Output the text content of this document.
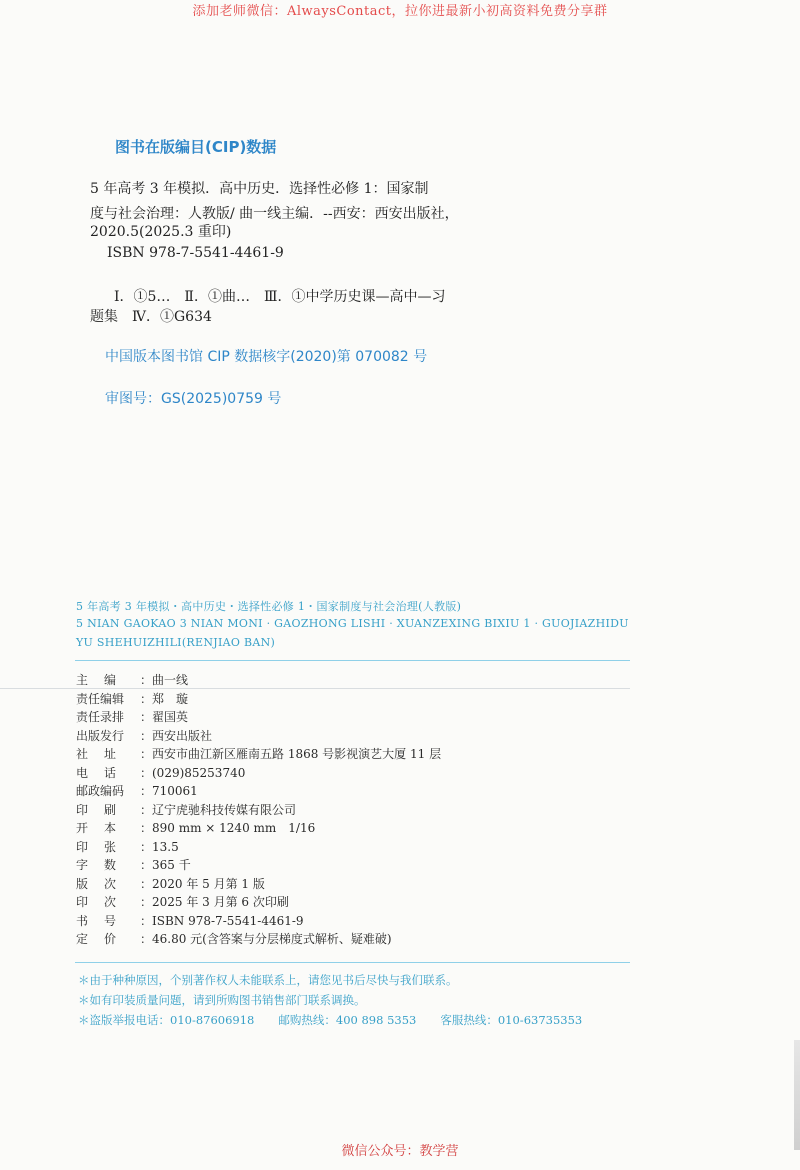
添加老师微信：AlwaysContact，拉你进最新小初高资料免费分享群
图书在版编目(CIP)数据
5 年高考 3 年模拟．高中历史．选择性必修 1：国家制
度与社会治理：人教版/ 曲一线主编．--西安：西安出版社，
2020.5(2025.3 重印)
ISBN 978-7-5541-4461-9
Ⅰ．①5…　Ⅱ．①曲…　Ⅲ．①中学历史课—高中—习
题集　Ⅳ．①G634
中国版本图书馆 CIP 数据核字(2020)第 070082 号
审图号：GS(2025)0759 号
5 年高考 3 年模拟・高中历史・选择性必修 1・国家制度与社会治理(人教版)
5 NIAN GAOKAO 3 NIAN MONI · GAOZHONG LISHI · XUANZEXING BIXIU 1 · GUOJIAZHIDU
YU SHEHUIZHILI(RENJIAO BAN)
主　编 ：曲一线
责任编辑 ：郑　璇
责任录排 ：翟国英
出版发行 ：西安出版社
社　址 ：西安市曲江新区雁南五路 1868 号影视演艺大厦 11 层
电　话 ：(029)85253740
邮政编码 ：710061
印　刷 ：辽宁虎驰科技传媒有限公司
开　本 ：890 mm × 1240 mm　1/16
印　张 ：13.5
字　数 ：365 千
版　次 ：2020 年 5 月第 1 版
印　次 ：2025 年 3 月第 6 次印刷
书　号 ：ISBN 978-7-5541-4461-9
定　价 ：46.80 元(含答案与分层梯度式解析、疑难破)
＊由于种种原因，个别著作权人未能联系上，请您见书后尽快与我们联系。
＊如有印装质量问题，请到所购图书销售部门联系调换。
＊盗版举报电话：010-87606918 邮购热线：400 898 5353 客服热线：010-63735353
微信公众号：教学营
